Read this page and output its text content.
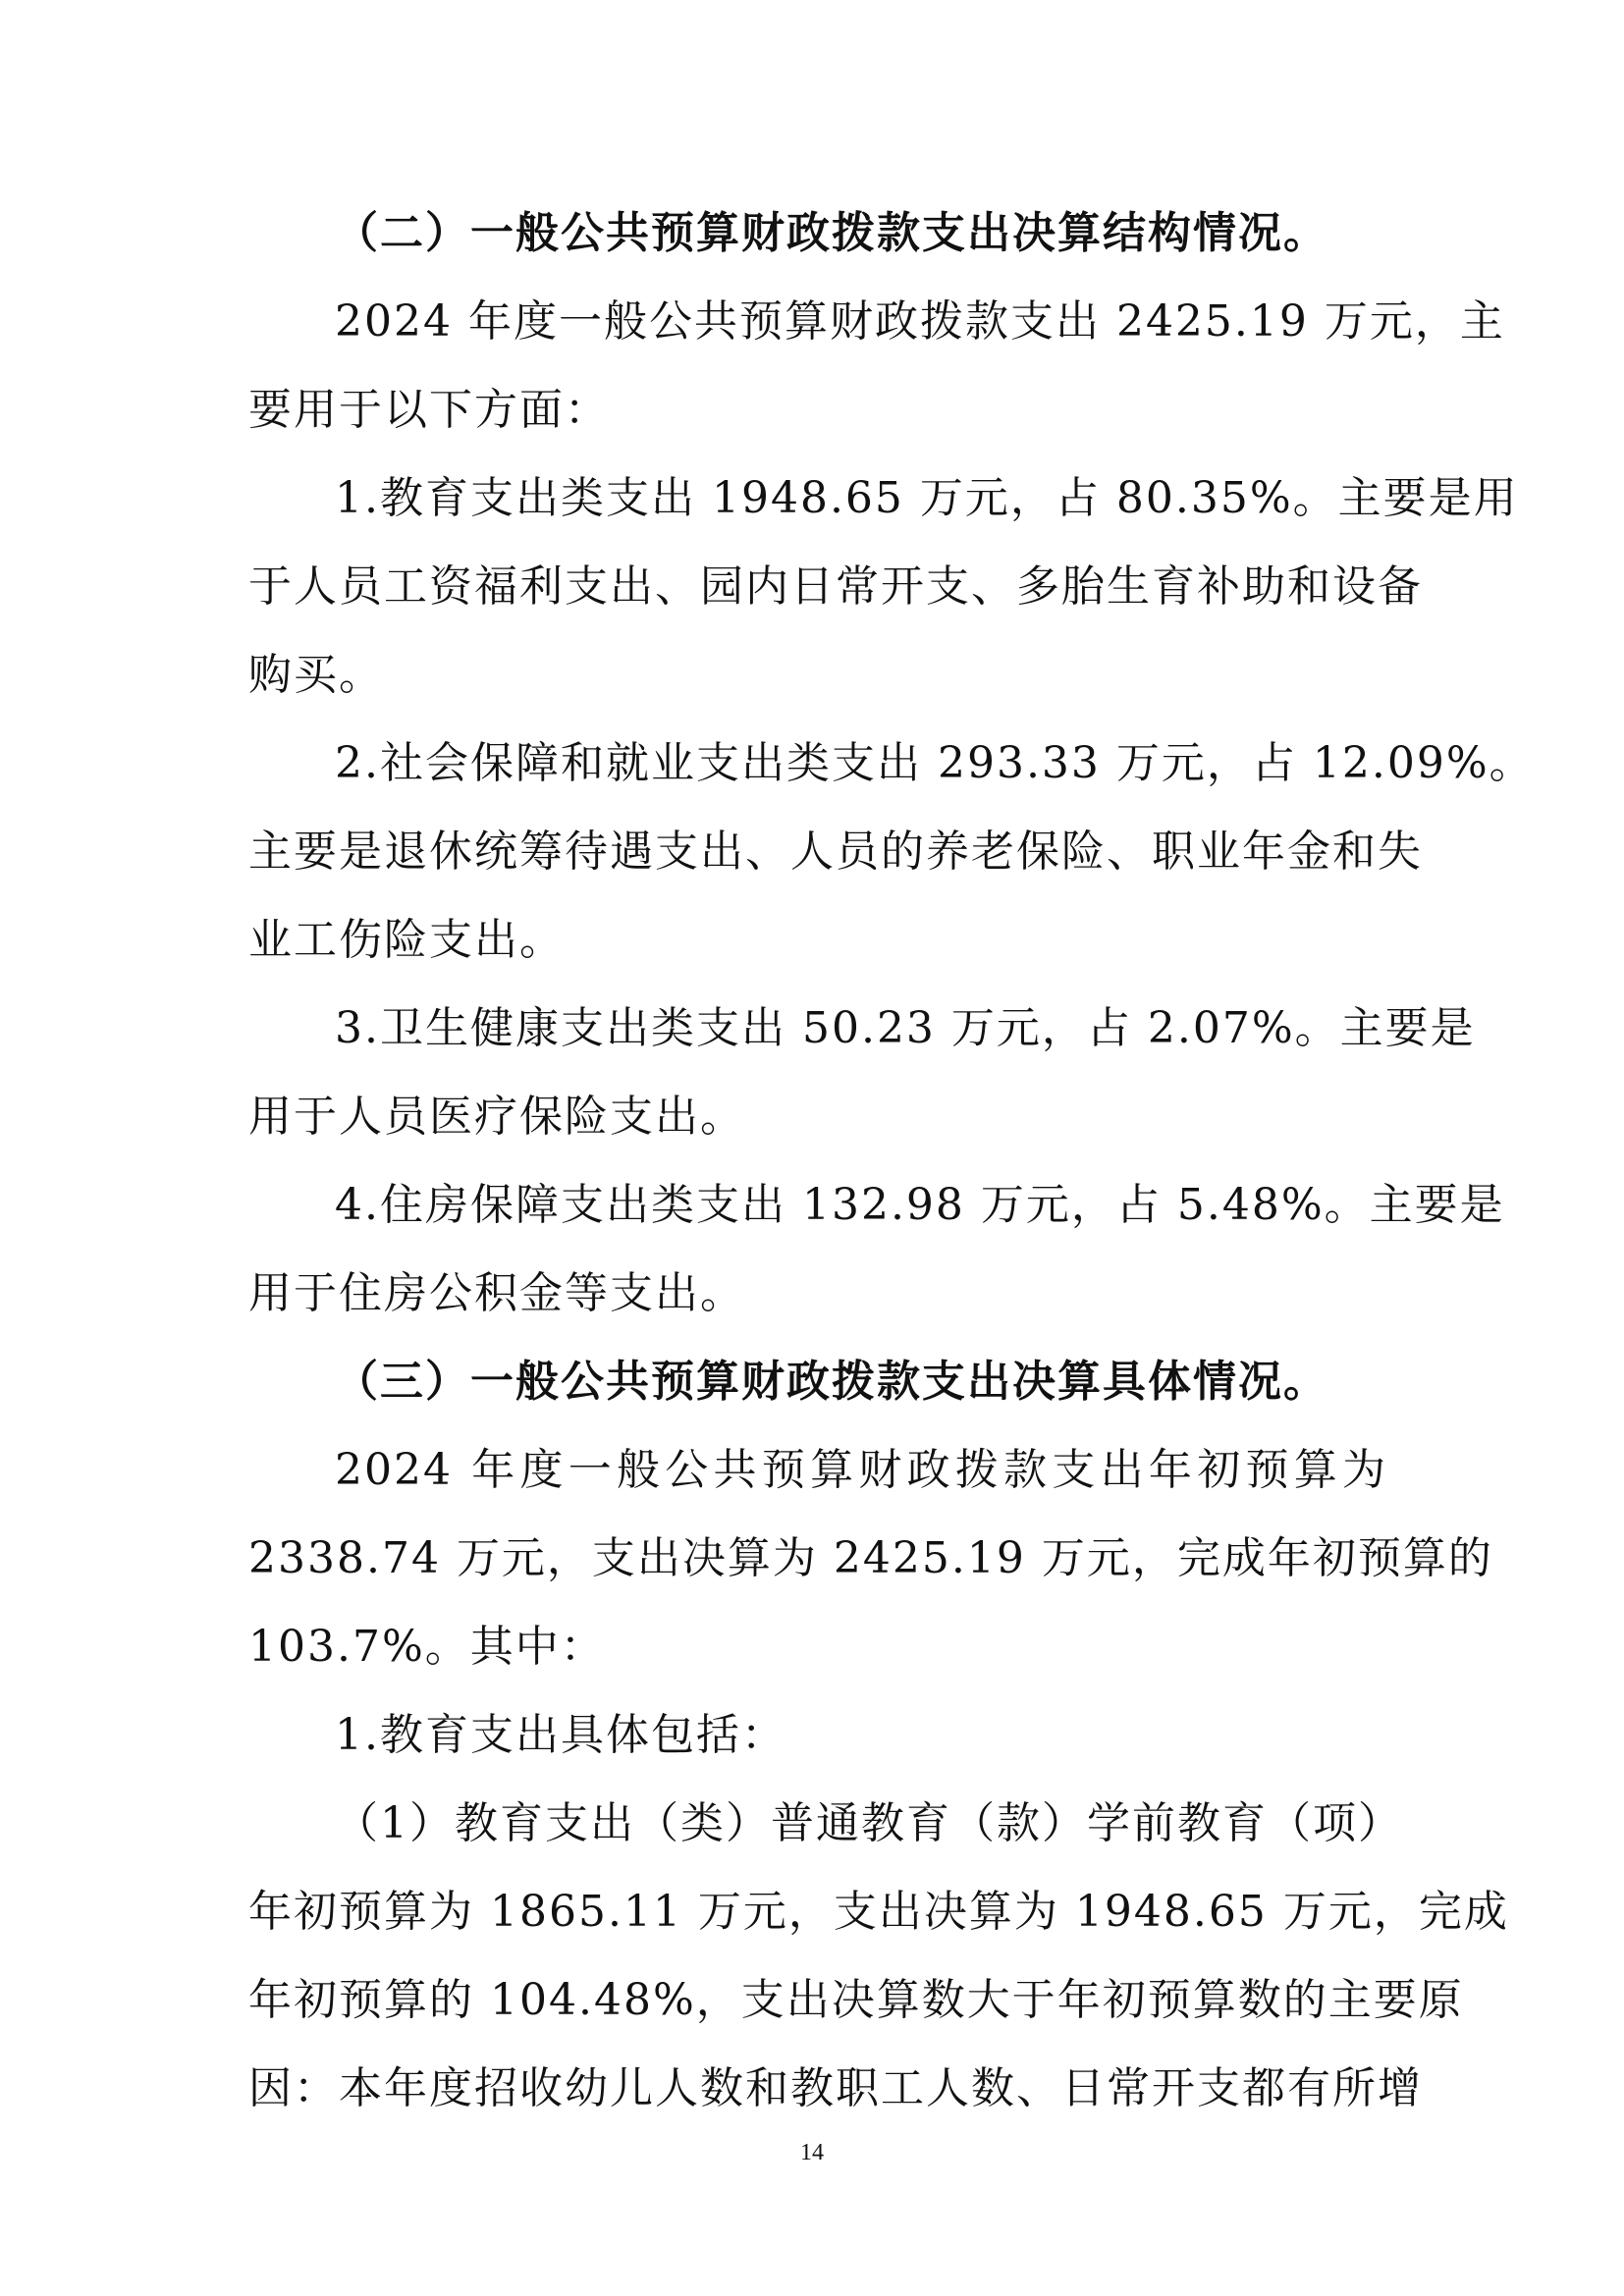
（二）一般公共预算财政拨款支出决算结构情况。
2024 年度一般公共预算财政拨款支出 2425.19 万元，主
要用于以下方面：
1.教育支出类支出 1948.65 万元，占 80.35%。主要是用
于人员工资福利支出、园内日常开支、多胎生育补助和设备
购买。
2.社会保障和就业支出类支出 293.33 万元，占 12.09%。
主要是退休统筹待遇支出、人员的养老保险、职业年金和失
业工伤险支出。
3.卫生健康支出类支出 50.23 万元，占 2.07%。主要是
用于人员医疗保险支出。
4.住房保障支出类支出 132.98 万元，占 5.48%。主要是
用于住房公积金等支出。
（三）一般公共预算财政拨款支出决算具体情况。
2024 年度一般公共预算财政拨款支出年初预算为
2338.74 万元，支出决算为 2425.19 万元，完成年初预算的
103.7%。其中：
1.教育支出具体包括：
（1）教育支出（类）普通教育（款）学前教育（项）
年初预算为 1865.11 万元，支出决算为 1948.65 万元，完成
年初预算的 104.48%，支出决算数大于年初预算数的主要原
因：本年度招收幼儿人数和教职工人数、日常开支都有所增
14
